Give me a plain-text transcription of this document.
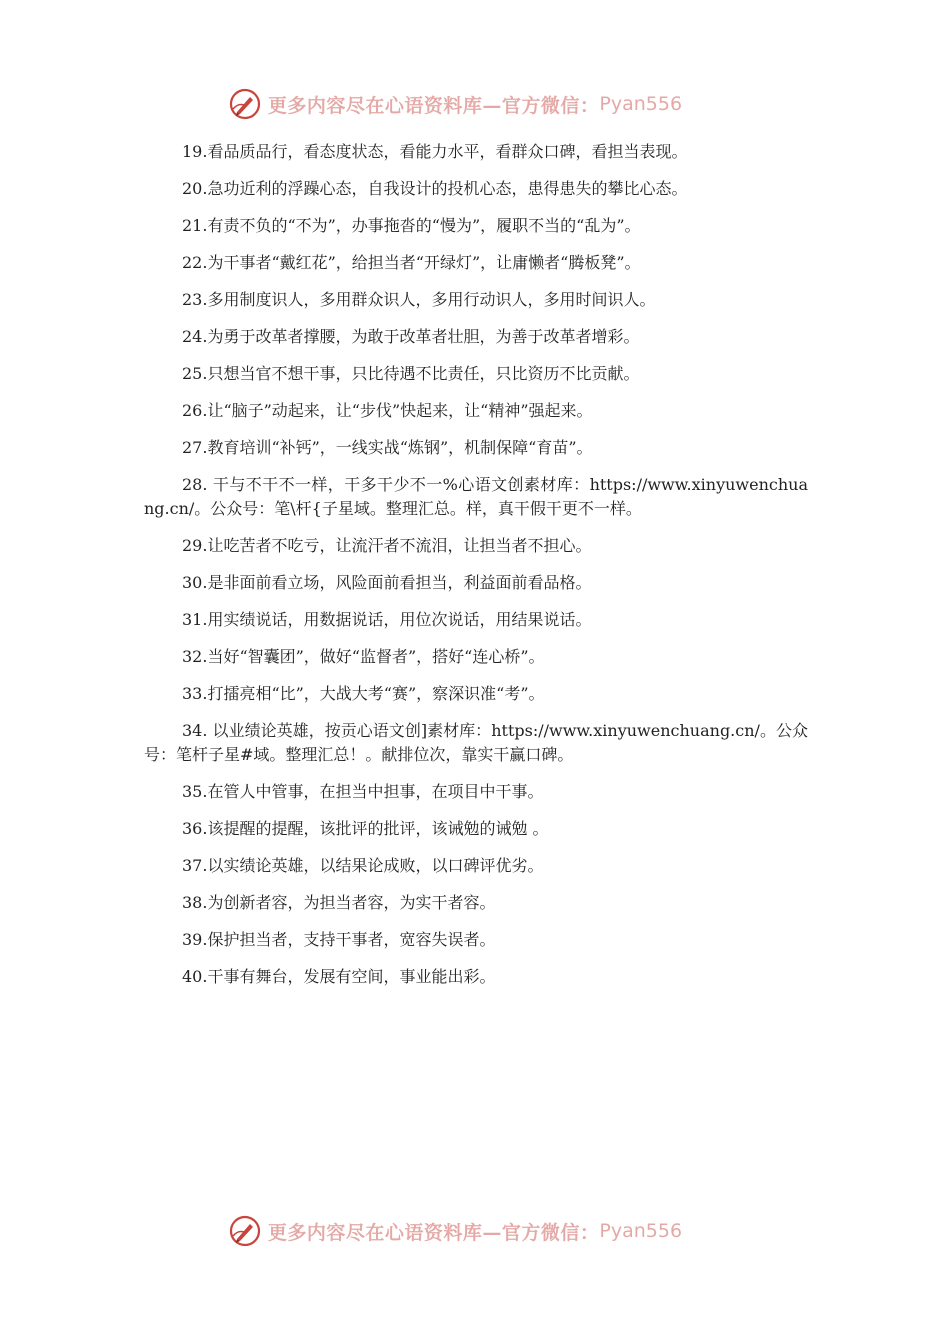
更多内容尽在心语资料库—官方微信： Pyan556

19.看品质品行，看态度状态，看能力水平，看群众口碑，看担当表现。

20.急功近利的浮躁心态，自我设计的投机心态，患得患失的攀比心态。

21.有责不负的“不为”，办事拖沓的“慢为”，履职不当的“乱为”。

22.为干事者“戴红花”，给担当者“开绿灯”，让庸懒者“腾板凳”。

23.多用制度识人，多用群众识人，多用行动识人，多用时间识人。

24.为勇于改革者撑腰，为敢于改革者壮胆，为善于改革者增彩。

25.只想当官不想干事，只比待遇不比责任，只比资历不比贡献。

26.让“脑子”动起来，让“步伐”快起来，让“精神”强起来。

27.教育培训“补钙”，一线实战“炼钢”，机制保障“育苗”。

28. 干与不干不一样，干多干少不一%心语文创素材库：https://www.xinyuwenchuang.cn/。公众号：笔\杆{子星域。整理汇总。样，真干假干更不一样。

29.让吃苦者不吃亏，让流汗者不流泪，让担当者不担心。

30.是非面前看立场，风险面前看担当，利益面前看品格。

31.用实绩说话，用数据说话，用位次说话，用结果说话。

32.当好“智囊团”，做好“监督者”，搭好“连心桥”。

33.打擂亮相“比”，大战大考“赛”，察深识准“考”。

34. 以业绩论英雄，按贡心语文创]素材库：https://www.xinyuwenchuang.cn/。公众号：笔杆子星#域。整理汇总！。献排位次，靠实干赢口碑。

35.在管人中管事，在担当中担事，在项目中干事。

36.该提醒的提醒，该批评的批评，该诫勉的诫勉 。

37.以实绩论英雄，以结果论成败，以口碑评优劣。

38.为创新者容，为担当者容，为实干者容。

39.保护担当者，支持干事者，宽容失误者。

40.干事有舞台，发展有空间，事业能出彩。

更多内容尽在心语资料库—官方微信： Pyan556
